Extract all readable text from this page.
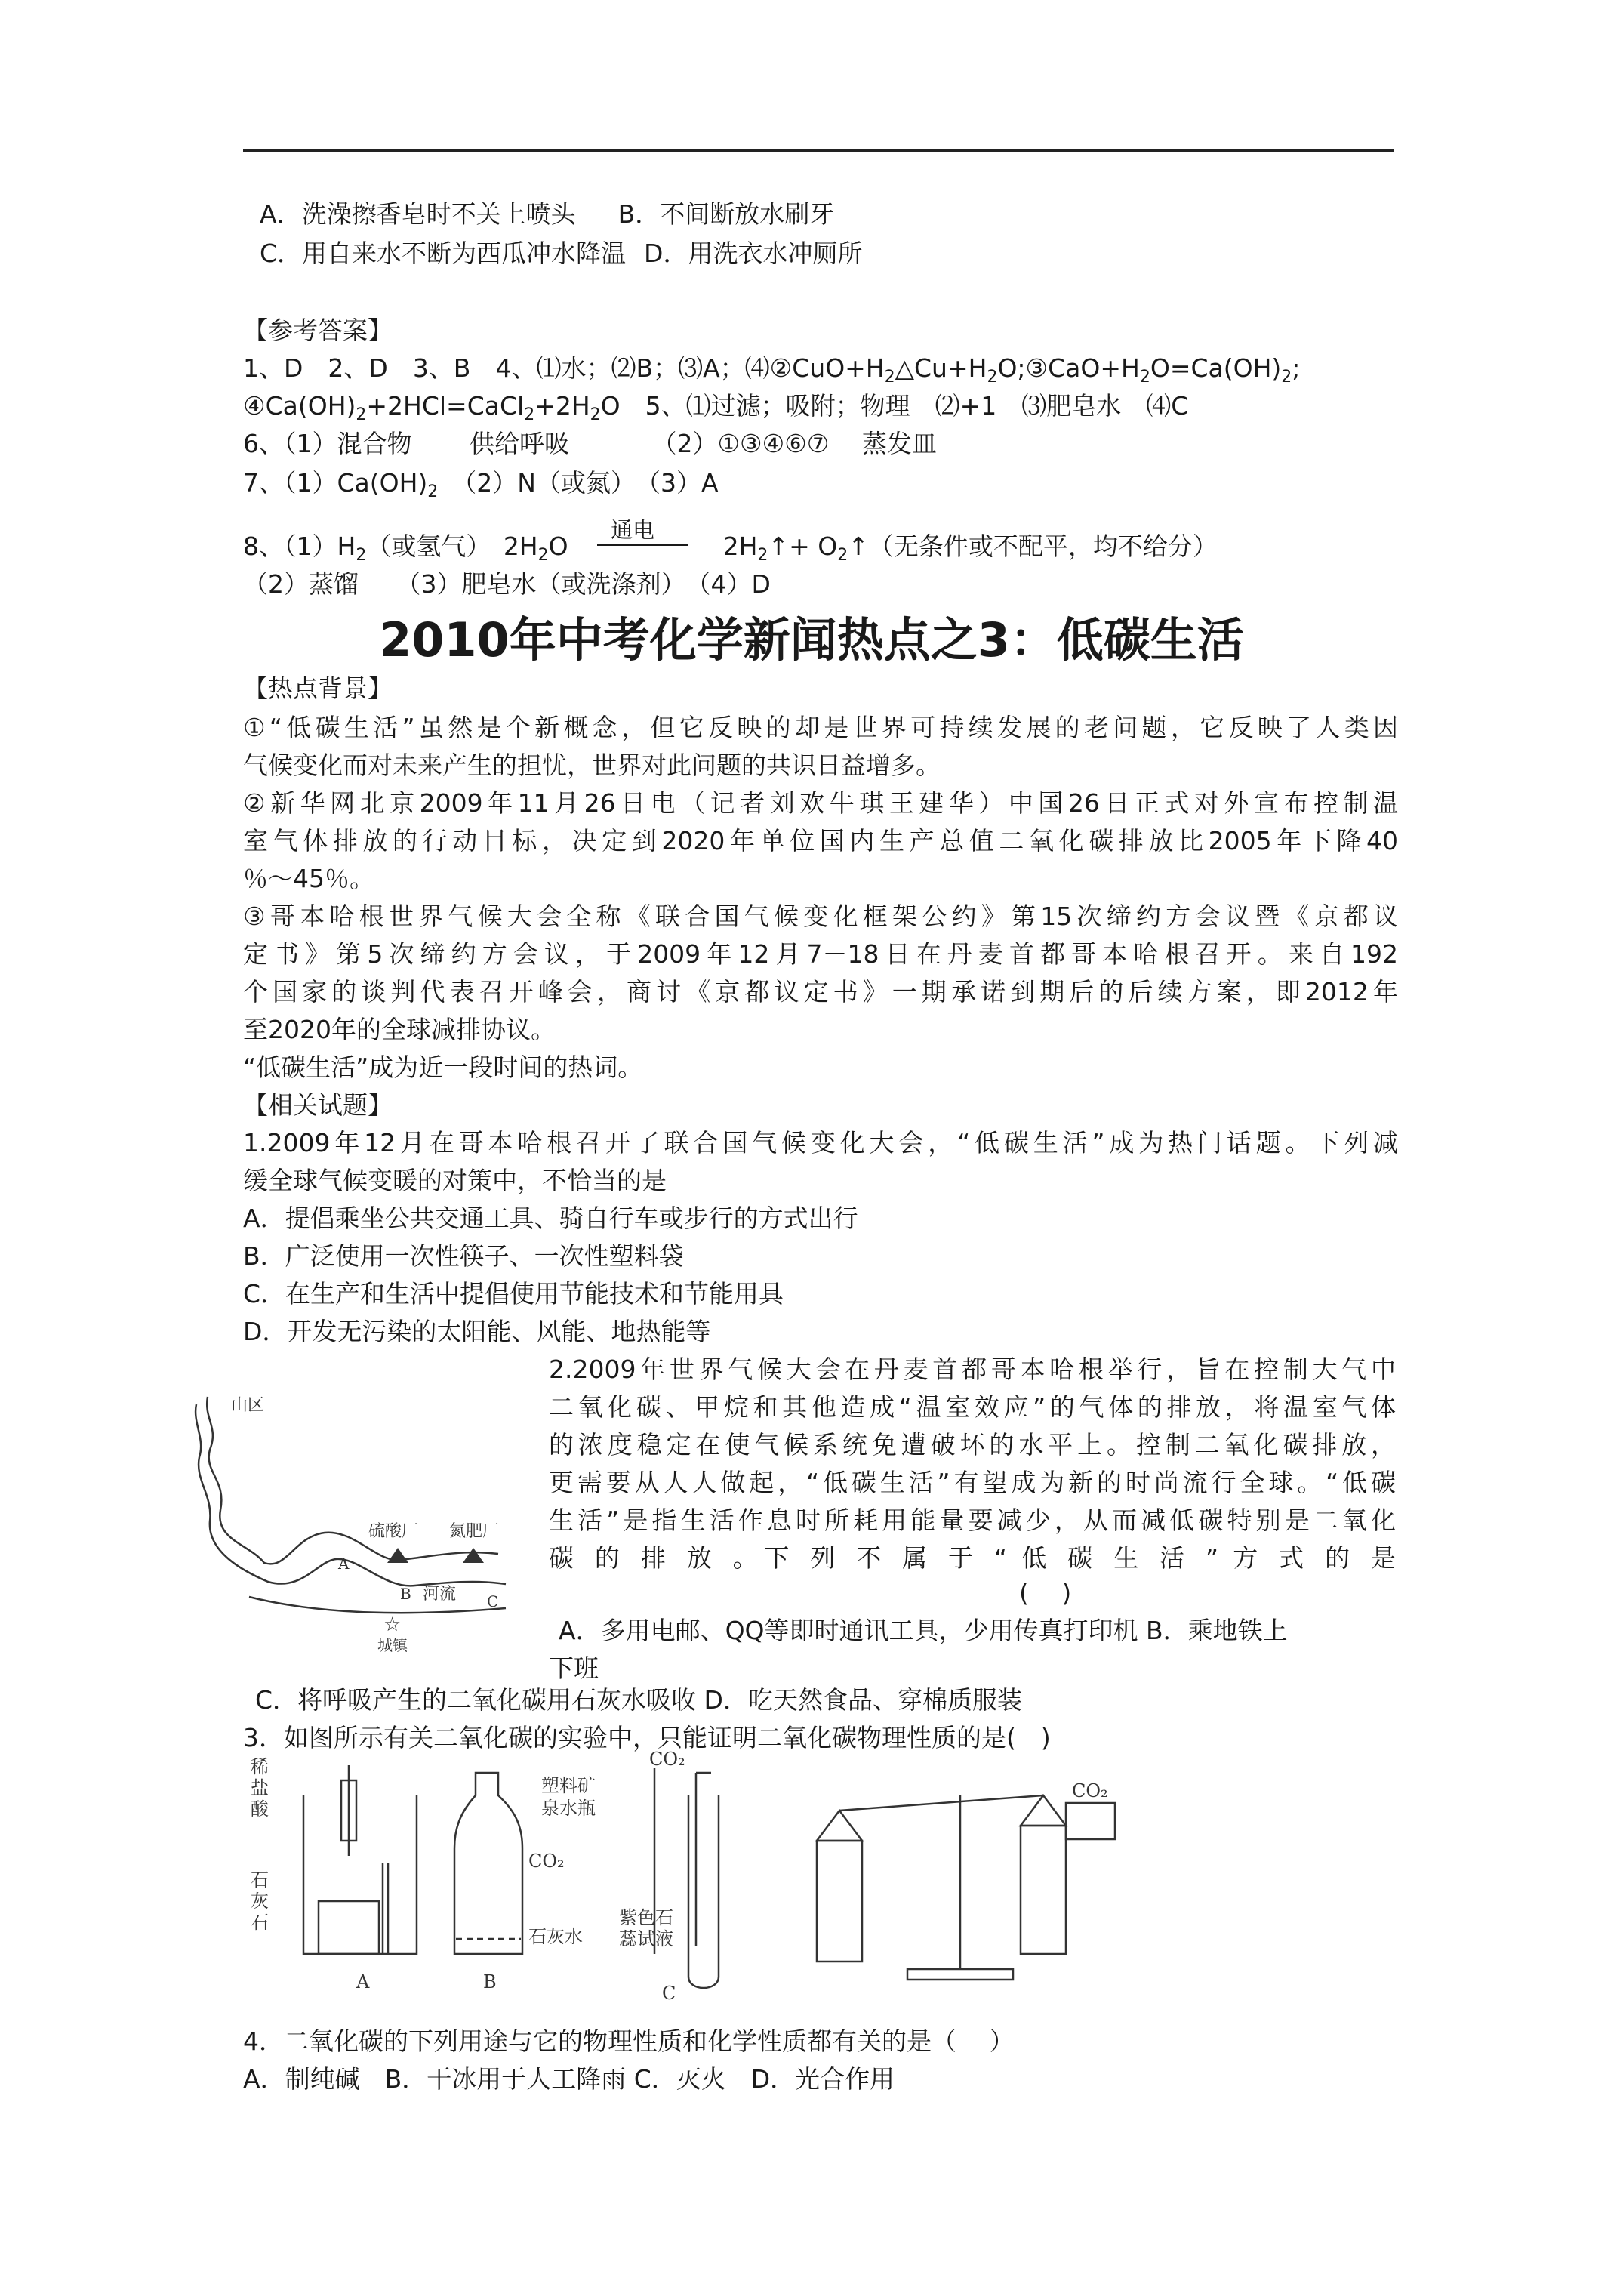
A．洗澡擦香皂时不关上喷头 B．不间断放水刷牙
C．用自来水不断为西瓜冲水降温 D．用洗衣水冲厕所
【参考答案】
1、D　2、D　3、B　4、⑴水；⑵B；⑶A；$⑷②CuO+H_2\triangle Cu+H_2O;③CaO+H_2O=Ca(OH)_2$;
$④Ca(OH)_2+2HCl=CaCl_2+2H_2O$　5、⑴过滤；吸附；物理　⑵+1　⑶肥皂水　⑷C
6、（1）混合物　　 供给呼吸　　　 （2）①③④⑥⑦　 蒸发皿
7、$(1)Ca(OH)_2$ （2）N（或氮）　（3）A
8、$(1)H_2$（或氢气）　$2H_2O$
通电
$2H_2↑+$ $O_2↑$（无条件或不配平，均不给分）
（2）蒸馏　　（3）肥皂水（或洗涤剂）　（4）D
2010年中考化学新闻热点之3：低碳生活
【热点背景】
①“低碳生活”虽然是个新概念，但它反映的却是世界可持续发展的老问题，它反映了人类因
气候变化而对未来产生的担忧，世界对此问题的共识日益增多。
②新华网北京2009年11月26日电（记者刘欢牛琪王建华）中国26日正式对外宣布控制温
室气体排放的行动目标，决定到2020年单位国内生产总值二氧化碳排放比2005年下降40
％～45％。
③哥本哈根世界气候大会全称《联合国气候变化框架公约》第15次缔约方会议暨《京都议
定书》第5次缔约方会议，于2009年12月7－18日在丹麦首都哥本哈根召开。来自192
个国家的谈判代表召开峰会，商讨《京都议定书》一期承诺到期后的后续方案，即2012年
至2020年的全球减排协议。
“低碳生活”成为近一段时间的热词。
【相关试题】
1.2009年12月在哥本哈根召开了联合国气候变化大会，“低碳生活”成为热门话题。下列减
缓全球气候变暖的对策中，不恰当的是
A．提倡乘坐公共交通工具、骑自行车或步行的方式出行
B．广泛使用一次性筷子、一次性塑料袋
C．在生产和生活中提倡使用节能技术和节能用具
D．开发无污染的太阳能、风能、地热能等
2.2009年世界气候大会在丹麦首都哥本哈根举行，旨在控制大气中
二氧化碳、甲烷和其他造成“温室效应”的气体的排放，将温室气体
的浓度稳定在使气候系统免遭破坏的水平上。控制二氧化碳排放，
更需要从人人做起，“低碳生活”有望成为新的时尚流行全球。“低碳
生活”是指生活作息时所耗用能量要减少，从而减低碳特别是二氧化
碳 的 排 放 。下 列 不 属 于 “ 低 碳 生 活 ” 方 式 的 是
(　 )
A．多用电邮、QQ等即时通讯工具，少用传真打印机 B．乘地铁上
下班
C．将呼吸产生的二氧化碳用石灰水吸收 D．吃天然食品、穿棉质服装
山区
硫酸厂 氮肥厂
A
B 河流 C
☆
城镇
3．如图所示有关二氧化碳的实验中，只能证明二氧化碳物理性质的是(　)
稀
盐
酸
石
灰
石
A
塑料矿
泉水瓶
CO₂
石灰水
B
CO₂
紫色石
蕊试液
C
CO₂
4．二氧化碳的下列用途与它的物理性质和化学性质都有关的是（　 ）
A．制纯碱　B．干冰用于人工降雨 C．灭火　D．光合作用
